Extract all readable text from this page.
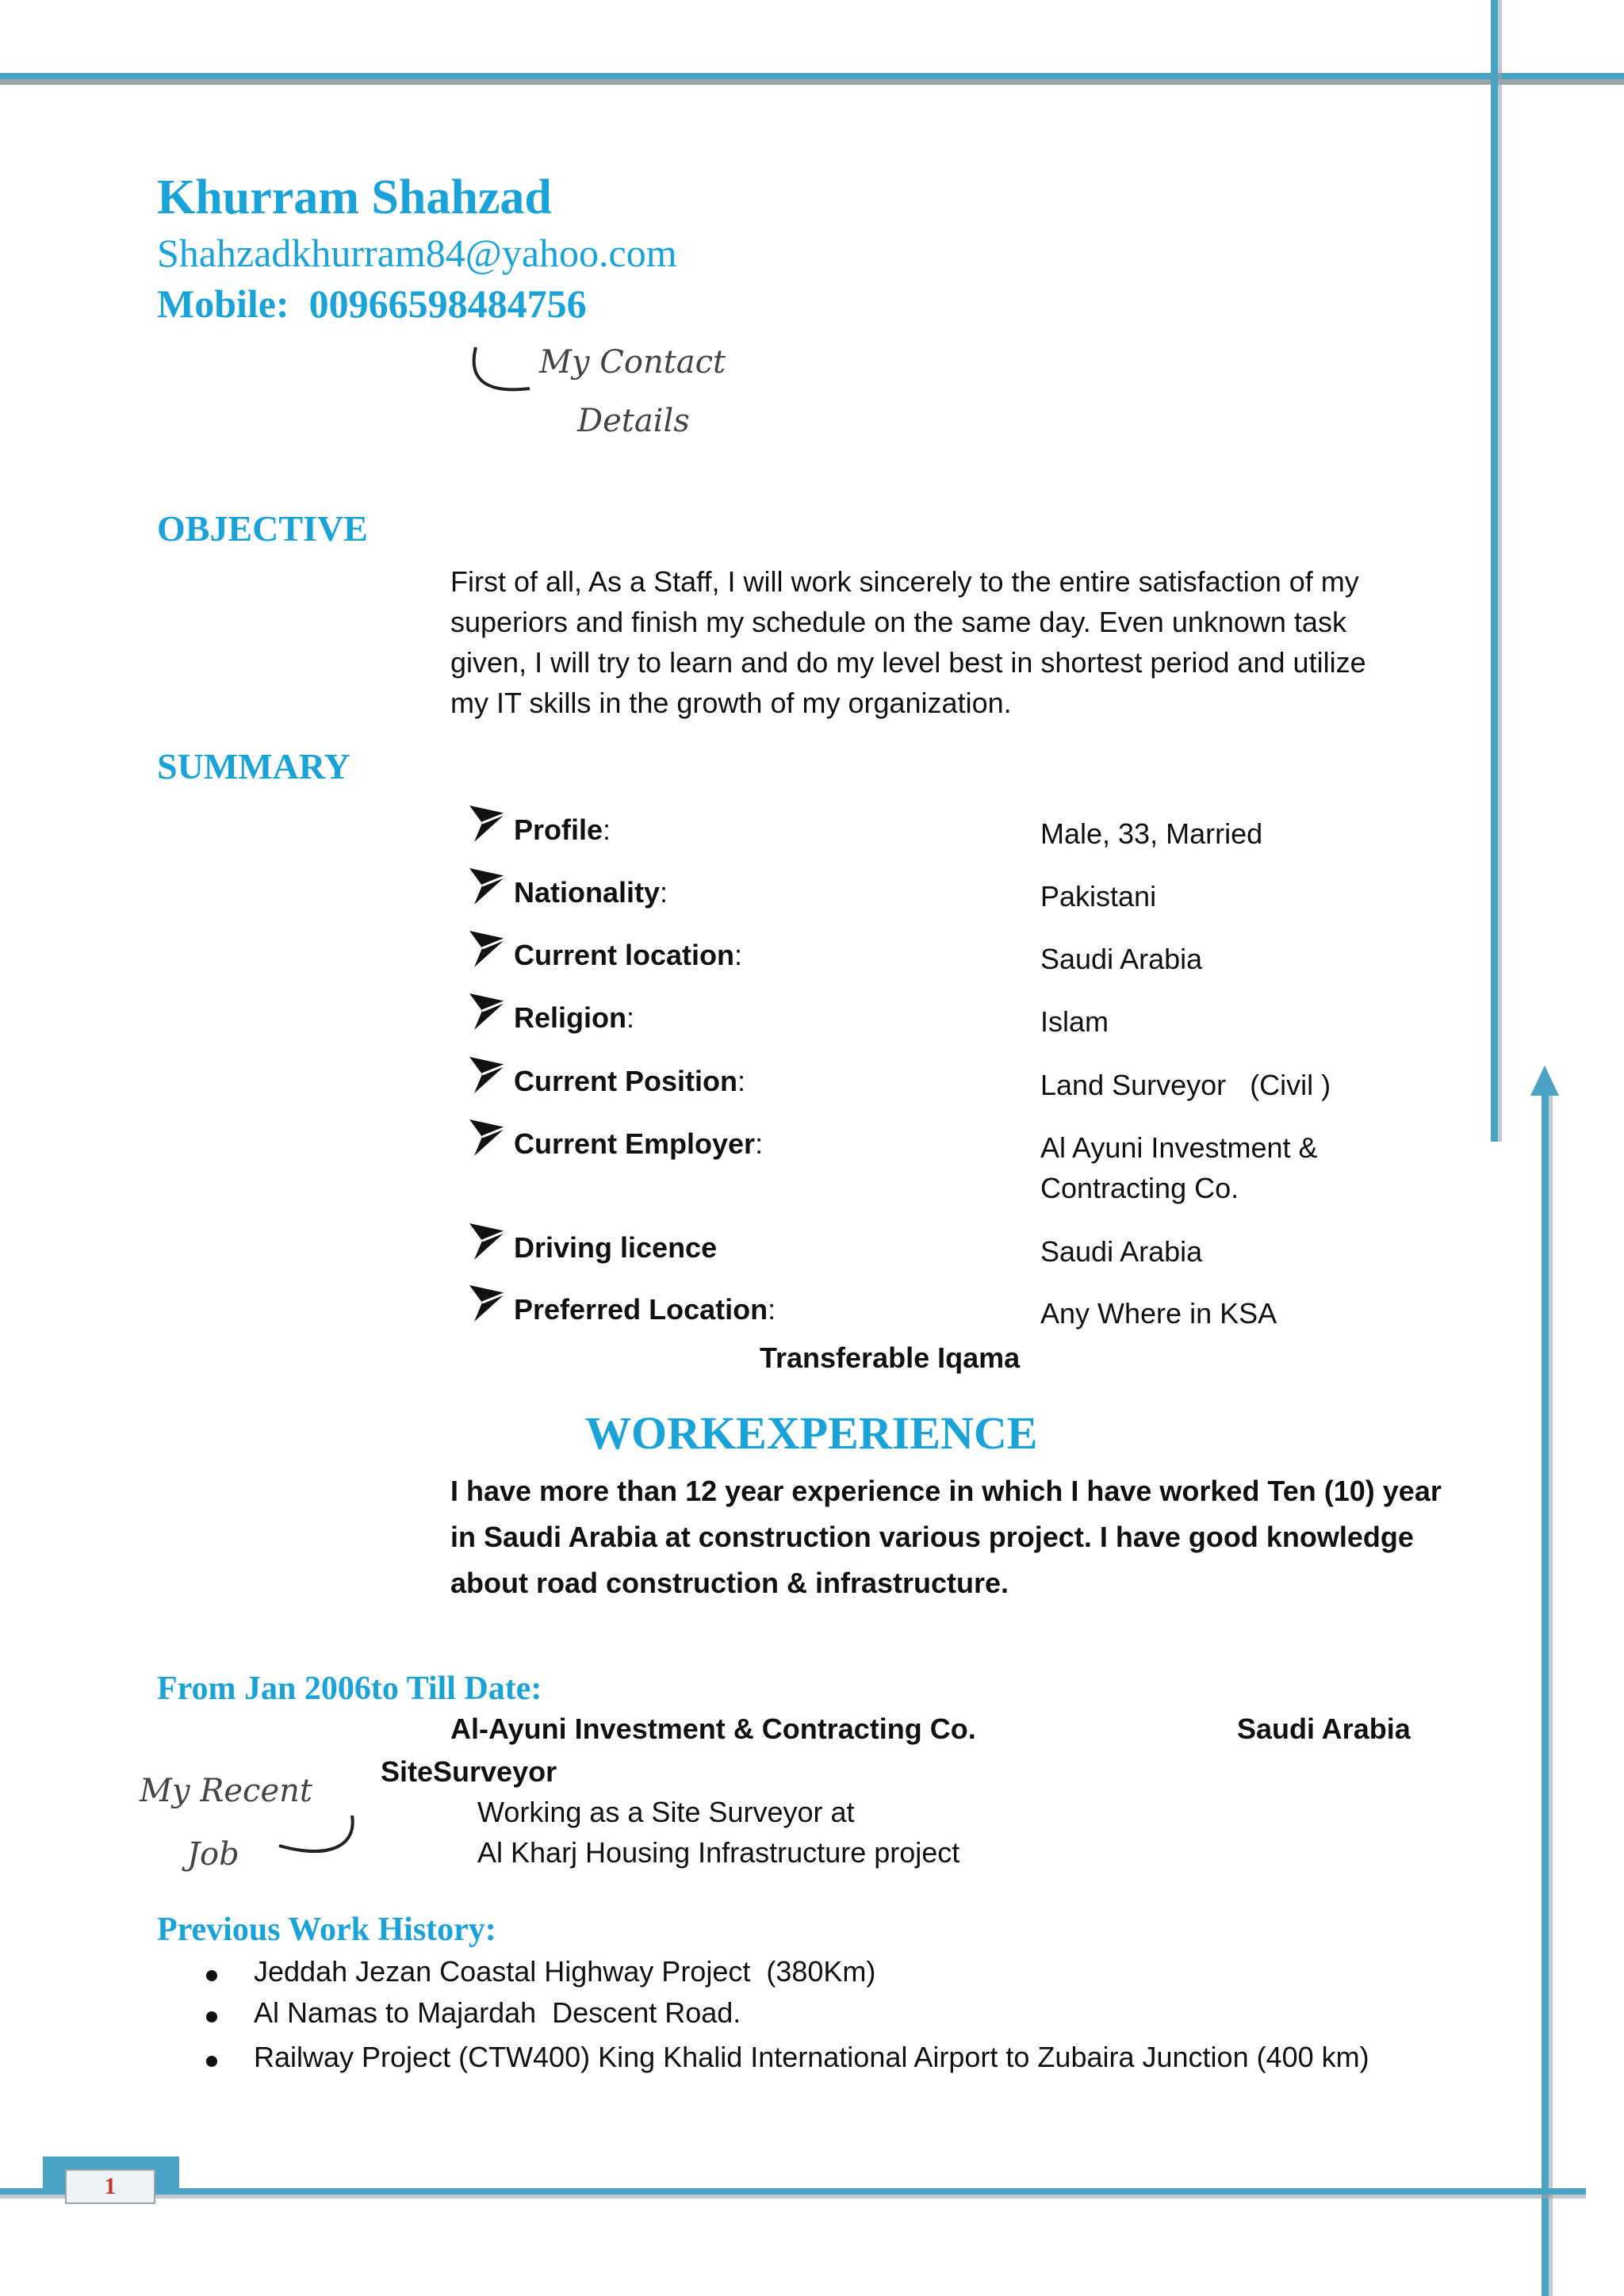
1
Khurram Shahzad
Shahzadkhurram84@yahoo.com
Mobile: 00966598484756
My Contact
Details
OBJECTIVE
First of all, As a Staff, I will work sincerely to the entire satisfaction of my
superiors and finish my schedule on the same day. Even unknown task
given, I will try to learn and do my level best in shortest period and utilize
my IT skills in the growth of my organization.
SUMMARY
Profile:	Male, 33, Married
Nationality:	Pakistani
Current location:	Saudi Arabia
Religion:	Islam
Current Position:	Land Surveyor   (Civil )
Current Employer:	Al Ayuni Investment &
Contracting Co.
Driving licence	Saudi Arabia
Preferred Location:	Any Where in KSA
Transferable Iqama
WORKEXPERIENCE
I have more than 12 year experience in which I have worked Ten (10) year
in Saudi Arabia at construction various project. I have good knowledge
about road construction & infrastructure.
From Jan 2006to Till Date:
Al-Ayuni Investment & Contracting Co.	Saudi Arabia
SiteSurveyor
Working as a Site Surveyor at
Al Kharj Housing Infrastructure project
My Recent
Job
Previous Work History:
Jeddah Jezan Coastal Highway Project  (380Km)
Al Namas to Majardah  Descent Road.
Railway Project (CTW400) King Khalid International Airport to Zubaira Junction (400 km)
